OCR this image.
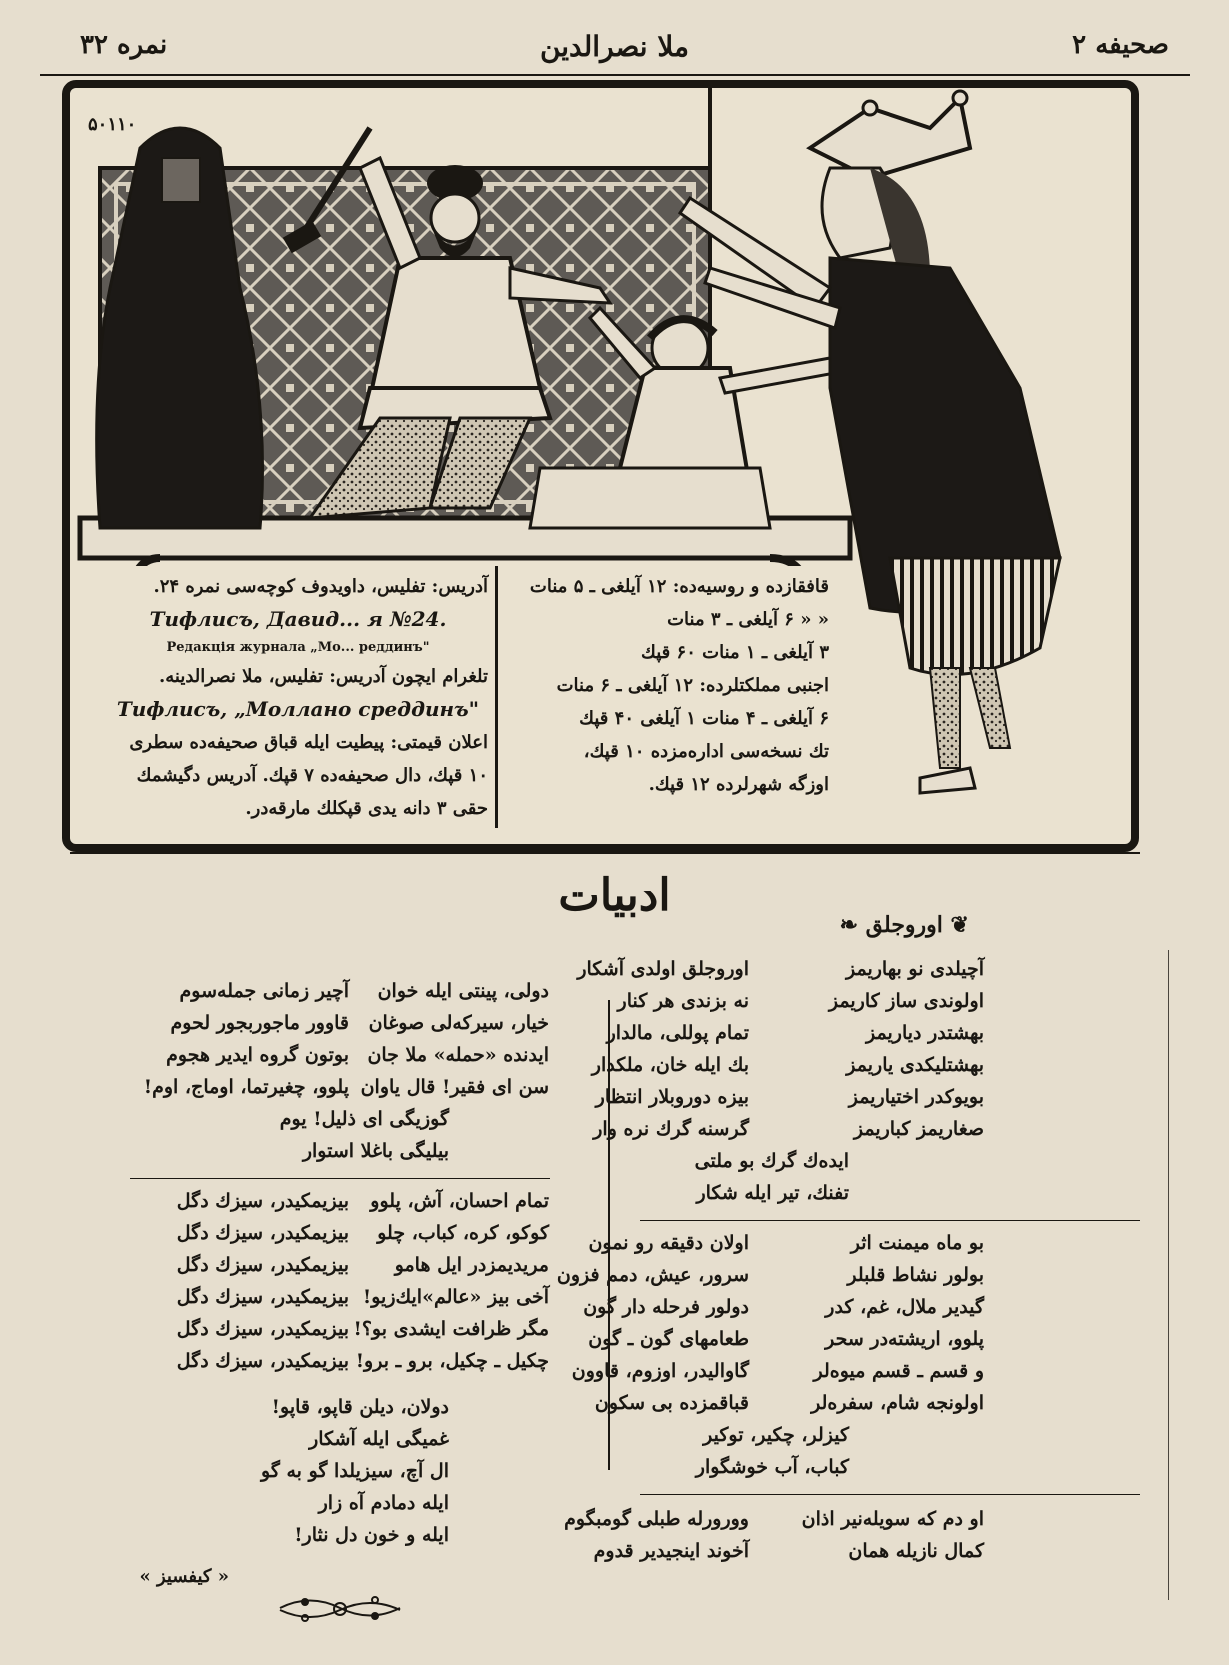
صحیفه ۲
ملا نصرالدین
نمره ۳۲
۵۰۱۱۰
قافقازده و روسیه‌ده: ۱۲ آیلغی ـ ۵ منات
« « ۶ آیلغی ـ ۳ منات
۳ آیلغی ـ ۱ منات ۶۰ قپك
اجنبی مملکتلرده: ۱۲ آیلغی ـ ۶ منات
۶ آیلغی ـ ۴ منات ۱ آیلغی ۴۰ قپك
تك نسخه‌سی اداره‌مزده ۱۰ قپك،
اوزگه شهرلرده ۱۲ قپك.
آدریس: تفلیس، داویدوف کوچه‌سی نمره ۲۴.
Тифлисъ, Давид... я №24.
Редакція журнала „Мо... реддинъ"
تلغرام ایچون آدریس: تفلیس، ملا نصرالدینه.
Тифлисъ, „Моллано среддинъ"
اعلان قیمتی: پیطیت ایله قباق صحیفه‌ده سطری
۱۰ قپك، دال صحیفه‌ده ۷ قپك. آدریس دگیشمك
حقی ۳ دانه یدی قپکلك مارقه‌در.
ادبیات
❦ اوروجلق ❧
آچیلدی نو بهاریمز
اوروجلق اولدی آشکار
اولوندی ساز کاریمز
نه بزندی هر کنار
بهشتدر دیاریمز
تمام پوللی، مالدار
بهشتلیکدی یاریمز
بك ایله خان، ملکدار
بویوکدر اختیاریمز
بیزه دوروبلار انتظار
صغاریمز کباریمز
گرسنه گرك نره وار
ایده‌ك گرك بو ملتی
تفنك، تیر ایله شکار
بو ماه میمنت اثر
اولان دقیقه رو نمون
بولور نشاط قلبلر
سرور، عیش، دمم فزون
گیدیر ملال، غم، کدر
دولور فرحله دار گون
پلوو، اریشته‌در سحر
طعامهای گون ـ گون
و قسم ـ قسم میوه‌لر
گاوالیدر، اوزوم، قاوون
اولونجه شام، سفره‌لر
قباقمزده بی سکون
کیزلر، چکیر، توکیر
کباب، آب خوشگوار
او دم که سویله‌نیر اذان
وورورله طبلی گومبگوم
کمال نازیله همان
آخوند اینجیدیر قدوم
دولی، پینتی ایله خوان
آچیر زمانی جمله‌سوم
خیار، سیرکه‌لی صوغان
قاوور ماجوربجور لحوم
ایدنده «حمله» ملا جان
بوتون گروه ایدیر هجوم
سن ای فقیر! قال یاوان
پلوو، چغیرتما، اوماج، اوم!
گوزیگی ای ذلیل! یوم
بیلیگی باغلا استوار
تمام احسان، آش، پلوو
بیزیمکیدر، سیزك دگل
کوکو، کره، کباب، چلو
بیزیمکیدر، سیزك دگل
مریدیمزدر ایل هامو
بیزیمکیدر، سیزك دگل
آخی بیز «عالم»ایك‌زیو!
بیزیمکیدر، سیزك دگل
مگر ظرافت ایشدی بو؟!
بیزیمکیدر، سیزك دگل
چکیل ـ چکیل، برو ـ برو!
بیزیمکیدر، سیزك دگل
دولان، دیلن قاپو، قاپو!
غمیگی ایله آشکار
ال آچ، سیزیلدا گو به گو
ایله دمادم آه زار
ایله و خون دل نثار!
« کیفسیز »
